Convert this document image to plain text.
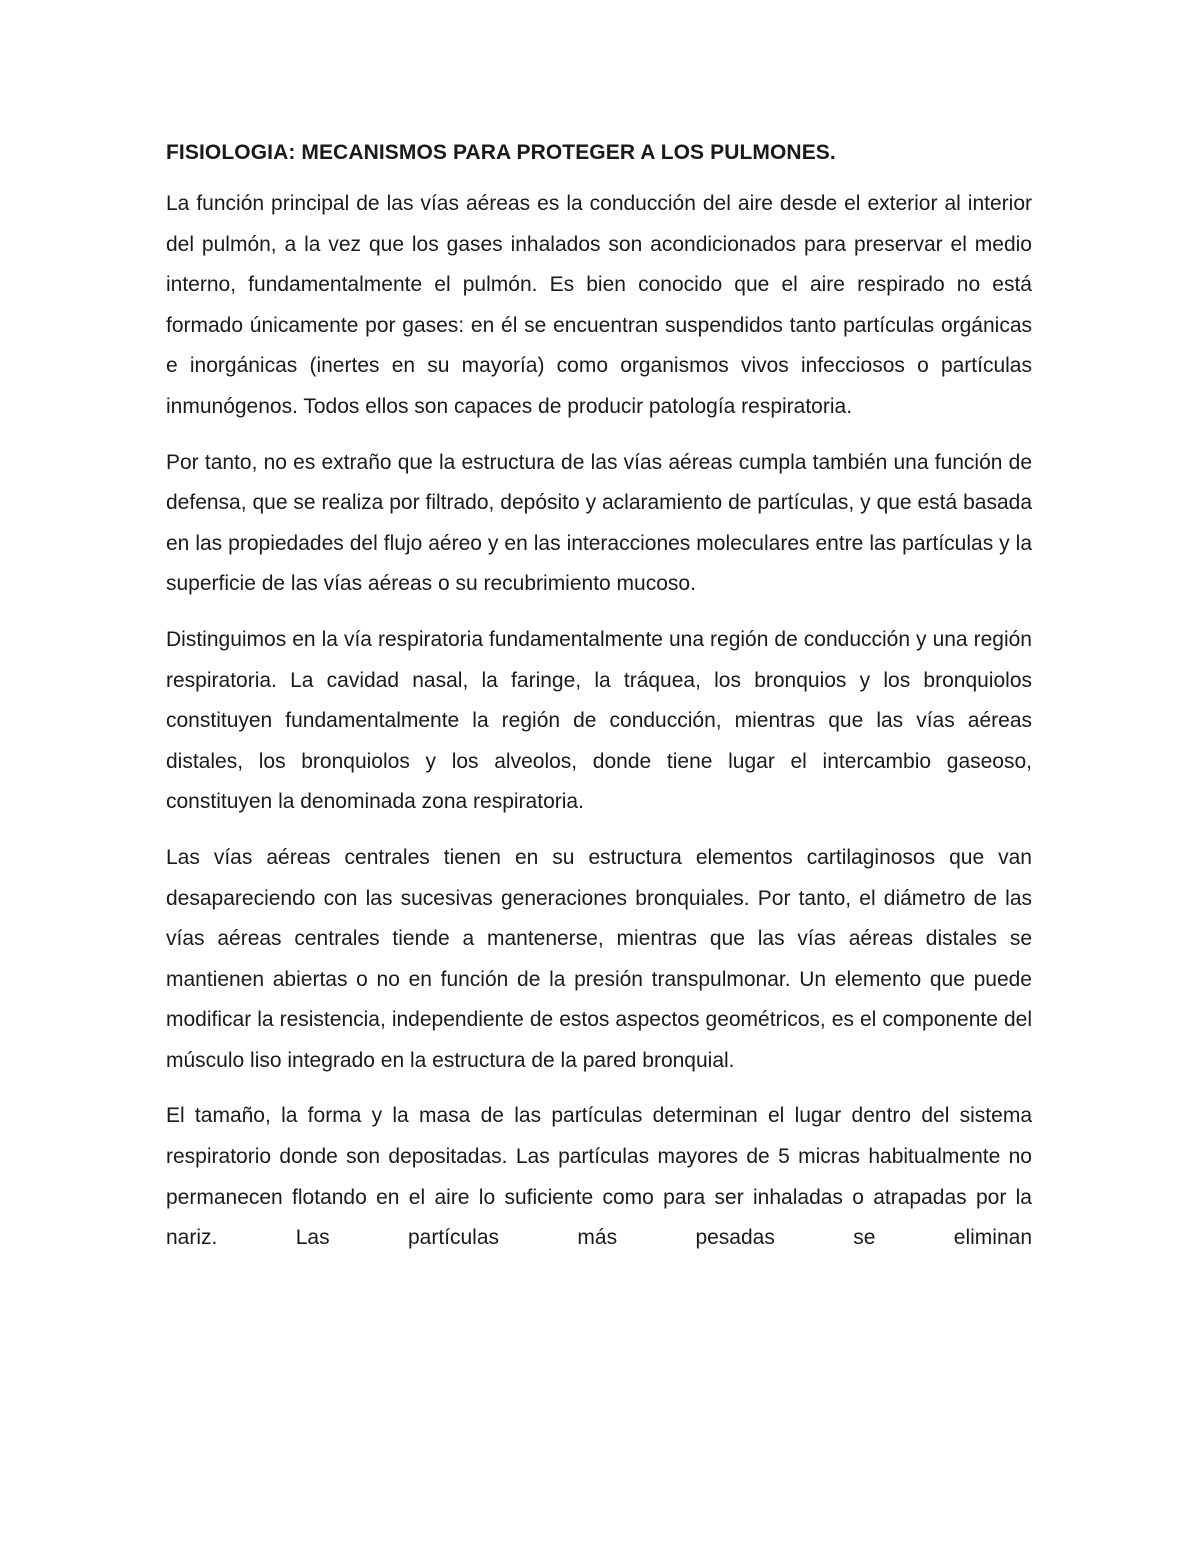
FISIOLOGIA: MECANISMOS PARA PROTEGER A LOS PULMONES.

La función principal de las vías aéreas es la conducción del aire desde el exterior al interior del pulmón, a la vez que los gases inhalados son acondicionados para preservar el medio interno, fundamentalmente el pulmón. Es bien conocido que el aire respirado no está formado únicamente por gases: en él se encuentran suspendidos tanto partículas orgánicas e inorgánicas (inertes en su mayoría) como organismos vivos infecciosos o partículas inmunógenos. Todos ellos son capaces de producir patología respiratoria.

Por tanto, no es extraño que la estructura de las vías aéreas cumpla también una función de defensa, que se realiza por filtrado, depósito y aclaramiento de partículas, y que está basada en las propiedades del flujo aéreo y en las interacciones moleculares entre las partículas y la superficie de las vías aéreas o su recubrimiento mucoso.

Distinguimos en la vía respiratoria fundamentalmente una región de conducción y una región respiratoria. La cavidad nasal, la faringe, la tráquea, los bronquios y los bronquiolos constituyen fundamentalmente la región de conducción, mientras que las vías aéreas distales, los bronquiolos y los alveolos, donde tiene lugar el intercambio gaseoso, constituyen la denominada zona respiratoria.

Las vías aéreas centrales tienen en su estructura elementos cartilaginosos que van desapareciendo con las sucesivas generaciones bronquiales. Por tanto, el diámetro de las vías aéreas centrales tiende a mantenerse, mientras que las vías aéreas distales se mantienen abiertas o no en función de la presión transpulmonar. Un elemento que puede modificar la resistencia, independiente de estos aspectos geométricos, es el componente del músculo liso integrado en la estructura de la pared bronquial.

El tamaño, la forma y la masa de las partículas determinan el lugar dentro del sistema respiratorio donde son depositadas. Las partículas mayores de 5 micras habitualmente no permanecen flotando en el aire lo suficiente como para ser inhaladas o atrapadas por la nariz. Las partículas más pesadas se eliminan
